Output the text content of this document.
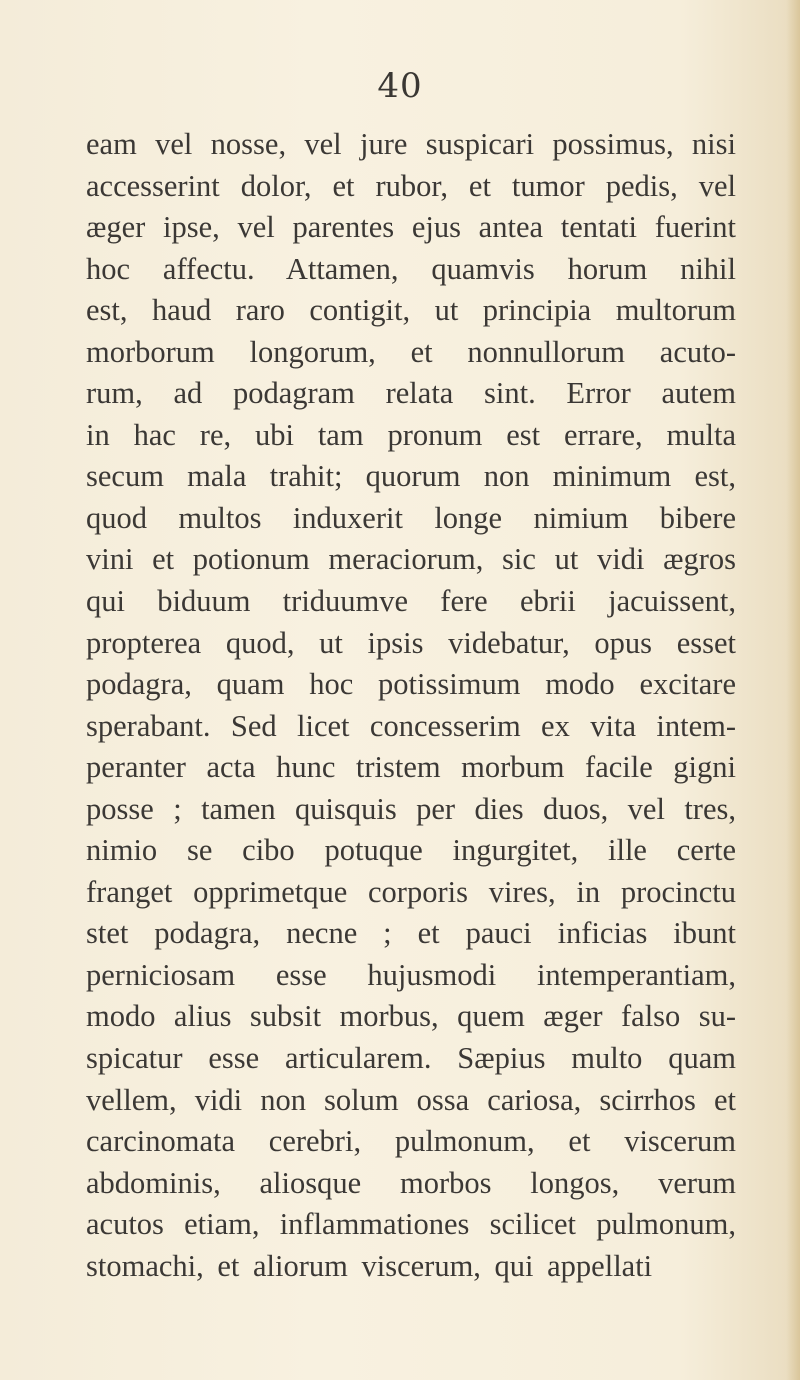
40
eam vel nosse, vel jure suspicari possimus, nisi
accesserint dolor, et rubor, et tumor pedis, vel
æger ipse, vel parentes ejus antea tentati fuerint
hoc affectu. Attamen, quamvis horum nihil
est, haud raro contigit, ut principia multorum
morborum longorum, et nonnullorum acuto-
rum, ad podagram relata sint. Error autem
in hac re, ubi tam pronum est errare, multa
secum mala trahit; quorum non minimum est,
quod multos induxerit longe nimium bibere
vini et potionum meraciorum, sic ut vidi ægros
qui biduum triduumve fere ebrii jacuissent,
propterea quod, ut ipsis videbatur, opus esset
podagra, quam hoc potissimum modo excitare
sperabant. Sed licet concesserim ex vita intem-
peranter acta hunc tristem morbum facile gigni
posse ; tamen quisquis per dies duos, vel tres,
nimio se cibo potuque ingurgitet, ille certe
franget opprimetque corporis vires, in procinctu
stet podagra, necne ; et pauci inficias ibunt
perniciosam esse hujusmodi intemperantiam,
modo alius subsit morbus, quem æger falso su-
spicatur esse articularem. Sæpius multo quam
vellem, vidi non solum ossa cariosa, scirrhos et
carcinomata cerebri, pulmonum, et viscerum
abdominis, aliosque morbos longos, verum
acutos etiam, inflammationes scilicet pulmonum,
stomachi, et aliorum viscerum, qui appellati
